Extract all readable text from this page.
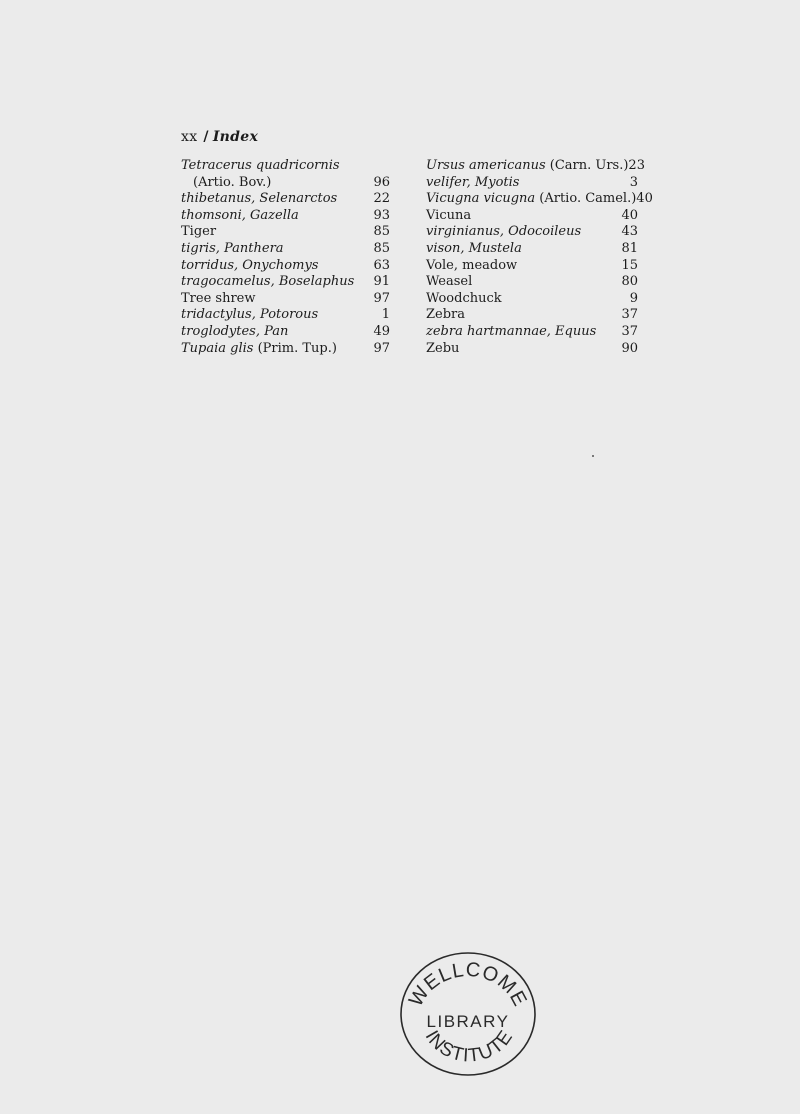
xx / Index
Tetracerus quadricornis
(Artio. Bov.)	96
thibetanus, Selenarctos	22
thomsoni, Gazella	93
Tiger	85
tigris, Panthera	85
torridus, Onychomys	63
tragocamelus, Boselaphus 91
Tree shrew	97
tridactylus, Potorous	1
troglodytes, Pan	49
Tupaia glis (Prim. Tup.)	97
Ursus americanus (Carn. Urs.) 23
velifer, Myotis	3
Vicugna vicugna (Artio. Camel.) 40
Vicuna	40
virginianus, Odocoileus	43
vison, Mustela	81
Vole, meadow	15
Weasel	80
Woodchuck	9
Zebra	37
zebra hartmannae, Equus 37
Zebu	90
WELLCOME
LIBRARY
INSTITUTE
